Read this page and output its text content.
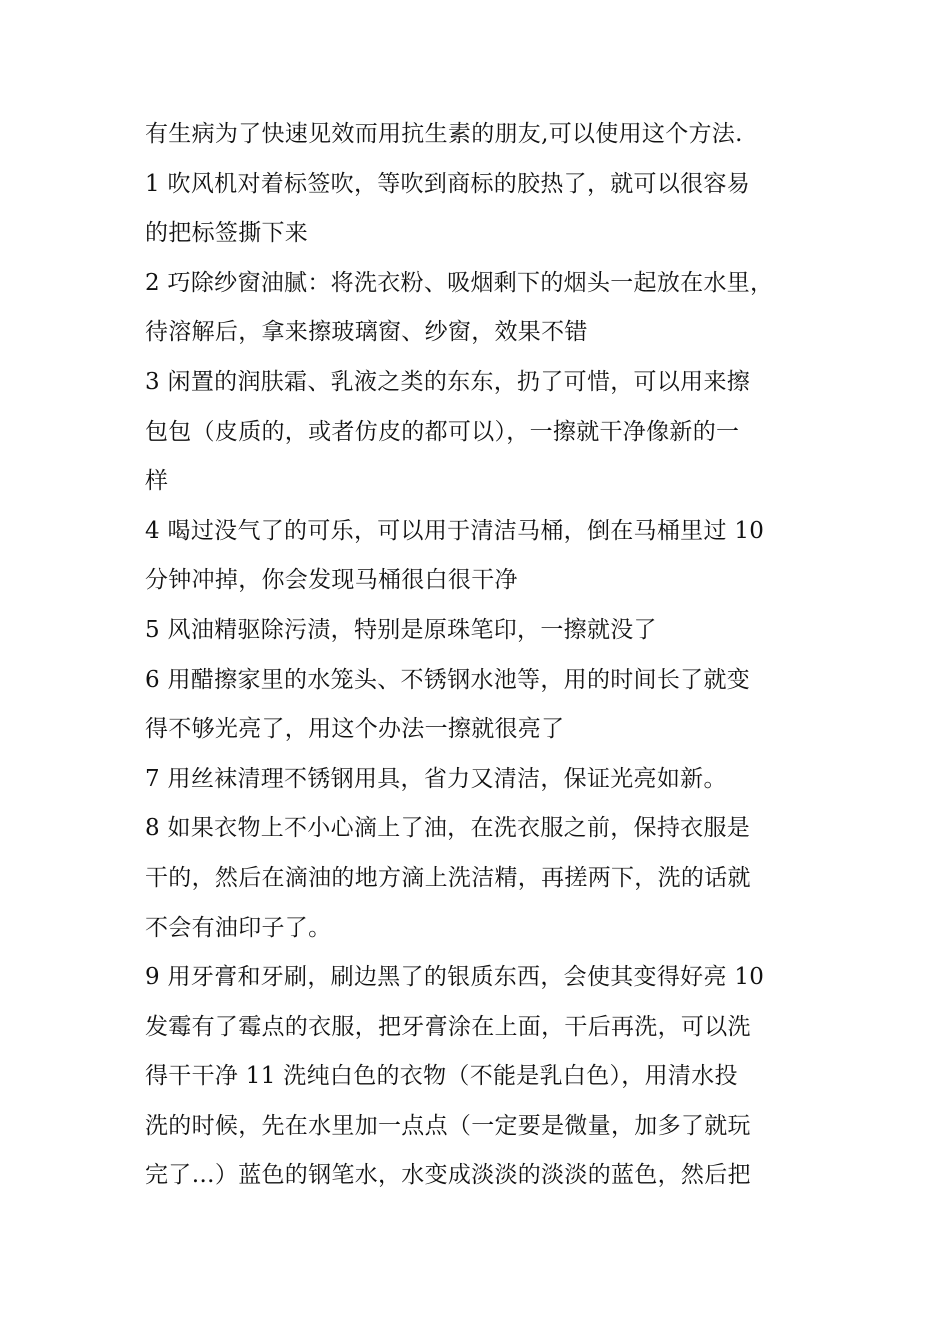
有生病为了快速见效而用抗生素的朋友,可以使用这个方法.
1 吹风机对着标签吹，等吹到商标的胶热了，就可以很容易
的把标签撕下来
2 巧除纱窗油腻：将洗衣粉、吸烟剩下的烟头一起放在水里，
待溶解后，拿来擦玻璃窗、纱窗，效果不错
3 闲置的润肤霜、乳液之类的东东，扔了可惜，可以用来擦
包包（皮质的，或者仿皮的都可以），一擦就干净像新的一
样
4 喝过没气了的可乐，可以用于清洁马桶，倒在马桶里过 10
分钟冲掉，你会发现马桶很白很干净
5 风油精驱除污渍，特别是原珠笔印，一擦就没了
6 用醋擦家里的水笼头、不锈钢水池等，用的时间长了就变
得不够光亮了，用这个办法一擦就很亮了
7 用丝袜清理不锈钢用具，省力又清洁，保证光亮如新。
8 如果衣物上不小心滴上了油，在洗衣服之前，保持衣服是
干的，然后在滴油的地方滴上洗洁精，再搓两下，洗的话就
不会有油印子了。
9 用牙膏和牙刷，刷边黑了的银质东西，会使其变得好亮 10
发霉有了霉点的衣服，把牙膏涂在上面，干后再洗，可以洗
得干干净 11 洗纯白色的衣物（不能是乳白色），用清水投
洗的时候，先在水里加一点点（一定要是微量，加多了就玩
完了…）蓝色的钢笔水，水变成淡淡的淡淡的蓝色，然后把
